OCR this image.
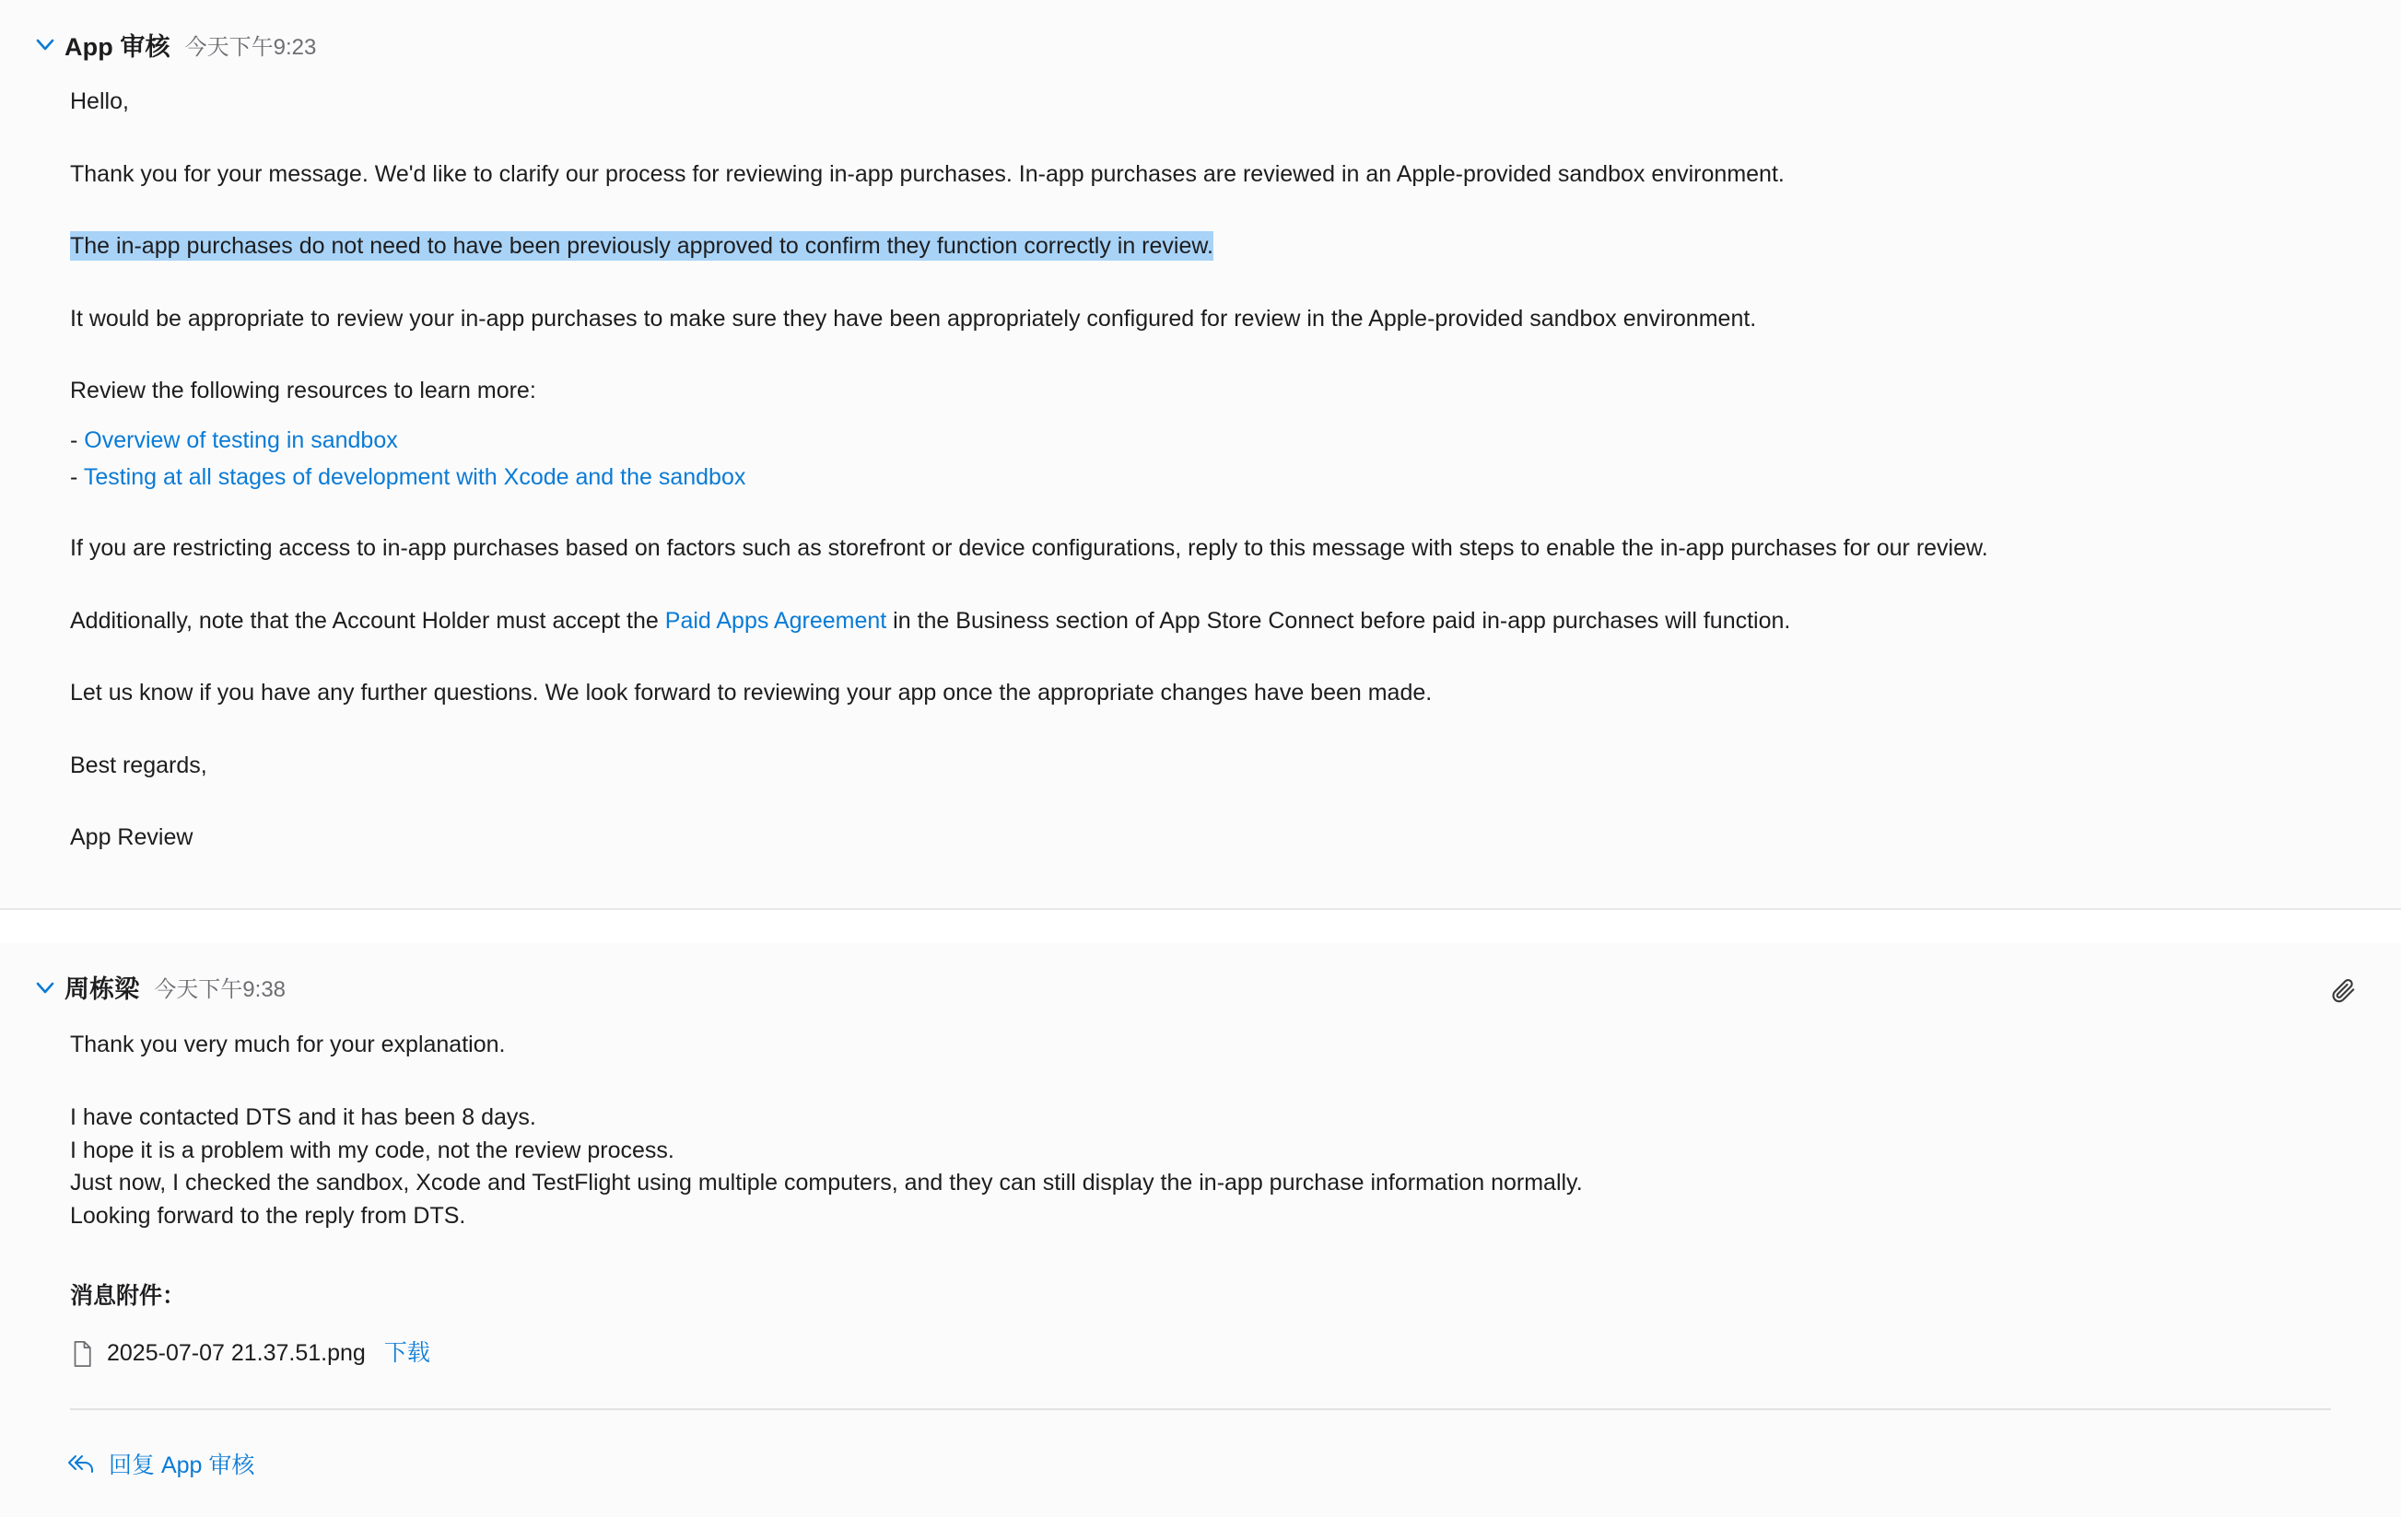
App 审核 今天下午9:23
Hello,
Thank you for your message. We'd like to clarify our process for reviewing in-app purchases. In-app purchases are reviewed in an Apple-provided sandbox environment.
The in-app purchases do not need to have been previously approved to confirm they function correctly in review.
It would be appropriate to review your in-app purchases to make sure they have been appropriately configured for review in the Apple-provided sandbox environment.
Review the following resources to learn more:
- Overview of testing in sandbox
- Testing at all stages of development with Xcode and the sandbox
If you are restricting access to in-app purchases based on factors such as storefront or device configurations, reply to this message with steps to enable the in-app purchases for our review.
Additionally, note that the Account Holder must accept the Paid Apps Agreement in the Business section of App Store Connect before paid in-app purchases will function.
Let us know if you have any further questions. We look forward to reviewing your app once the appropriate changes have been made.
Best regards,
App Review
周栋梁 今天下午9:38
Thank you very much for your explanation.
I have contacted DTS and it has been 8 days.
I hope it is a problem with my code, not the review process.
Just now, I checked the sandbox, Xcode and TestFlight using multiple computers, and they can still display the in-app purchase information normally.
Looking forward to the reply from DTS.
消息附件：
2025-07-07 21.37.51.png 下载
回复 App 审核
